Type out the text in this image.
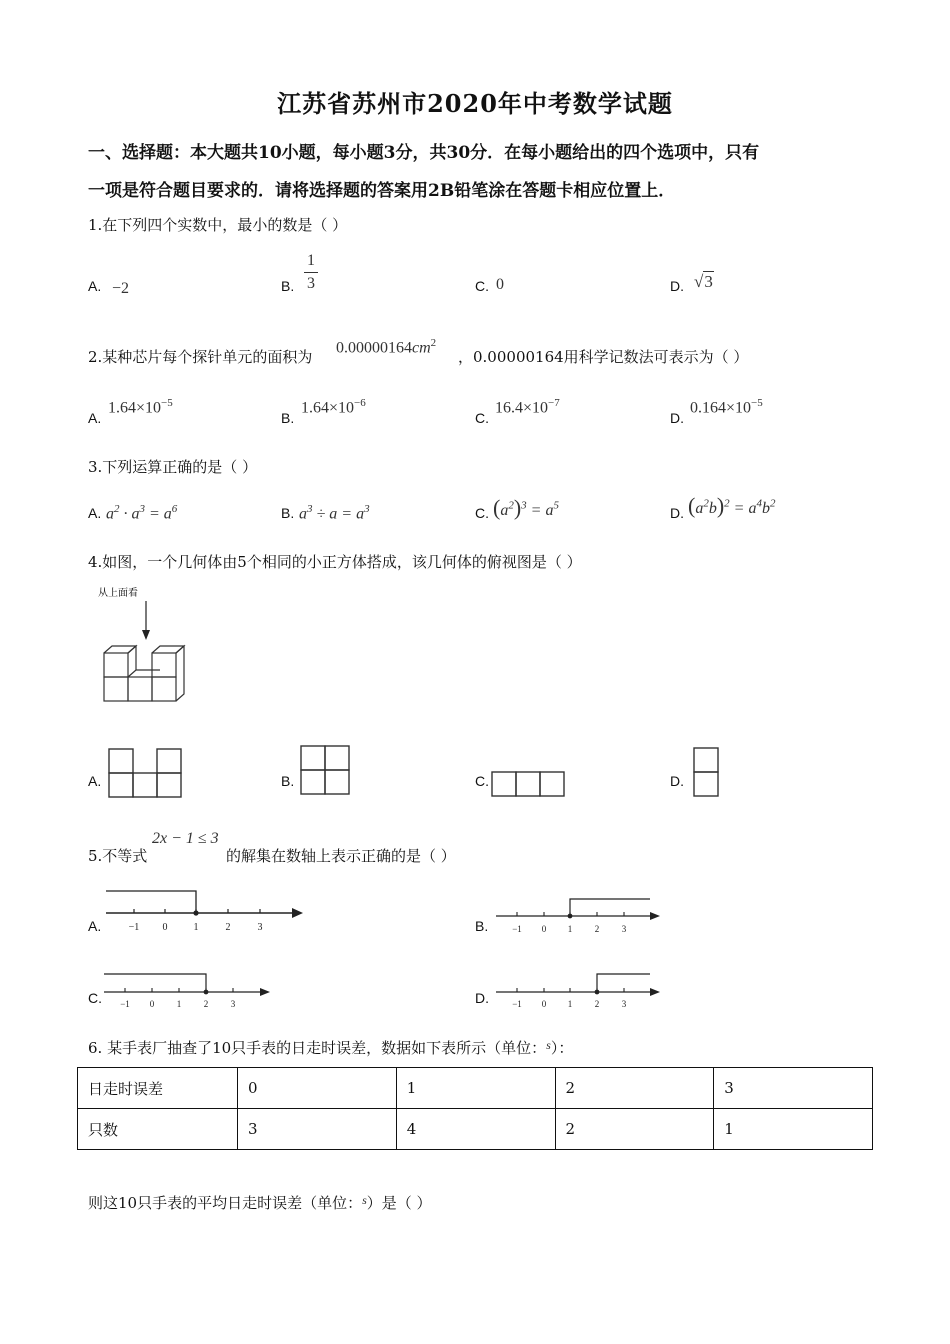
江苏省苏州市2020年中考数学试题
一、选择题：本大题共10小题，每小题3分，共30分．在每小题给出的四个选项中，只有
一项是符合题目要求的．请将选择题的答案用2B铅笔涂在答题卡相应位置上．
1.在下列四个实数中，最小的数是（ ）
A. −2	B.
1
3	C. 0	D. √3
2.某种芯片每个探针单元的面积为
$0.00000164cm^2$
，0.00000164用科学记数法可表示为（ ）
A.
$1.64\times 10^{-5}$
B.
$1.64\times 10^{-6}$
C.
$16.4\times 10^{-7}$
D.
$0.164\times 10^{-5}$
3.下列运算正确的是（ ）
A. $a^2 \cdot a^3 = a^6$	B. $a^3 \div a = a^3$	C. $(a^2)^3 = a^5$	D. $(a^2b)^2 = a^4b^2$
4.如图，一个几何体由5个相同的小正方体搭成，该几何体的俯视图是（ ）
从上面看
A.	B.	C.	D.
5.不等式
2x − 1 ≤ 3
的解集在数轴上表示正确的是（ ）
A.	−1 0	1	2	3	B.	−1 0 1	2	3
C. −1 0	1	2	3	D.	−1 0 1	2	3
6. 某手表厂抽查了10只手表的日走时误差，数据如下表所示（单位：$^s$）：
日走时误差	0	1	2	3
只数	3	4	2	1
则这10只手表的平均日走时误差（单位：$^s$）是（ ）
